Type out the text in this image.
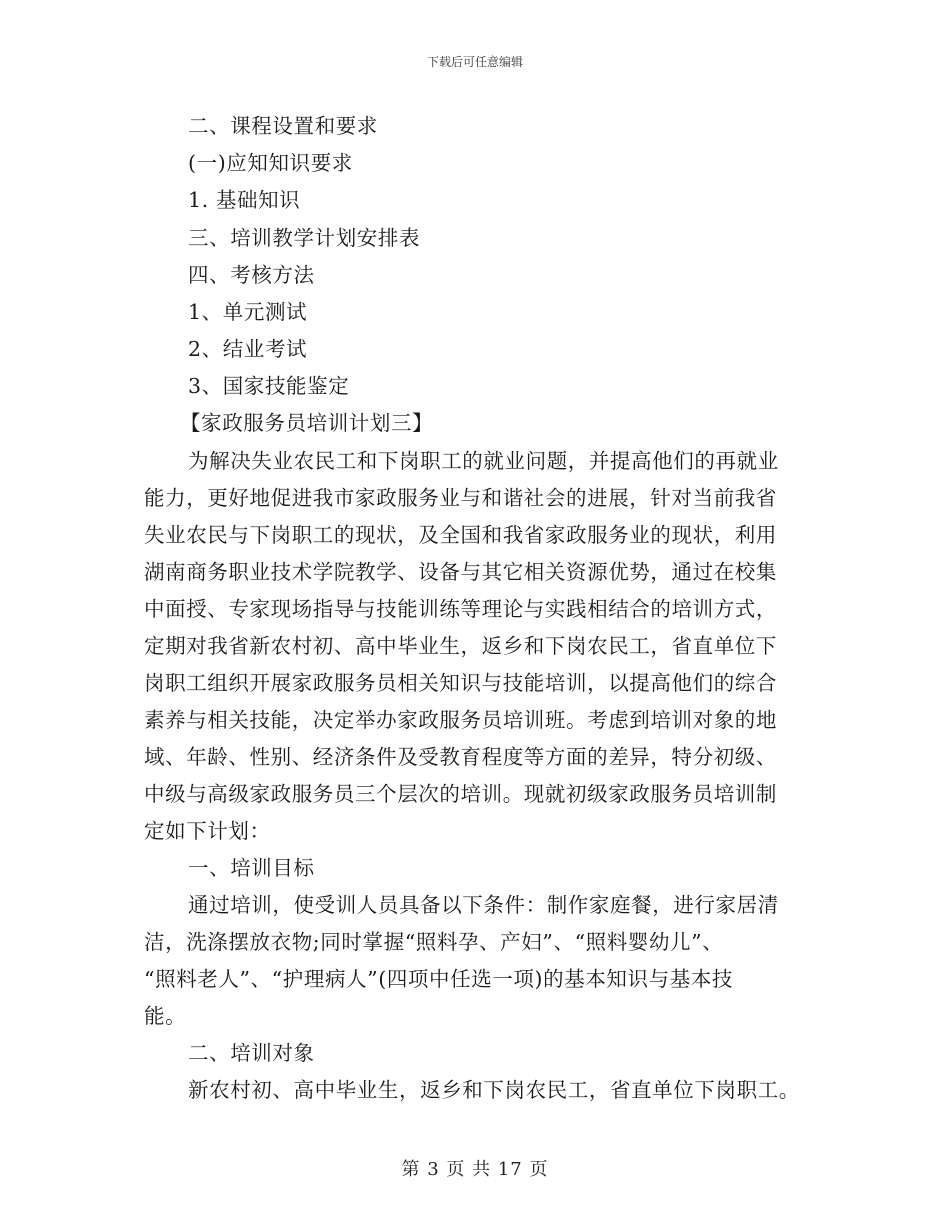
下载后可任意编辑
二、课程设置和要求
(一)应知知识要求
1. 基础知识
三、培训教学计划安排表
四、考核方法
1、单元测试
2、结业考试
3、国家技能鉴定
【家政服务员培训计划三】
为解决失业农民工和下岗职工的就业问题，并提高他们的再就业
能力，更好地促进我市家政服务业与和谐社会的进展，针对当前我省
失业农民与下岗职工的现状，及全国和我省家政服务业的现状，利用
湖南商务职业技术学院教学、设备与其它相关资源优势，通过在校集
中面授、专家现场指导与技能训练等理论与实践相结合的培训方式，
定期对我省新农村初、高中毕业生，返乡和下岗农民工，省直单位下
岗职工组织开展家政服务员相关知识与技能培训，以提高他们的综合
素养与相关技能，决定举办家政服务员培训班。考虑到培训对象的地
域、年龄、性别、经济条件及受教育程度等方面的差异，特分初级、
中级与高级家政服务员三个层次的培训。现就初级家政服务员培训制
定如下计划：
一、培训目标
通过培训，使受训人员具备以下条件：制作家庭餐，进行家居清
洁，洗涤摆放衣物;同时掌握“照料孕、产妇”、“照料婴幼儿”、
“照料老人”、“护理病人”(四项中任选一项)的基本知识与基本技
能。
二、培训对象
新农村初、高中毕业生，返乡和下岗农民工，省直单位下岗职工。
第 3 页 共 17 页
